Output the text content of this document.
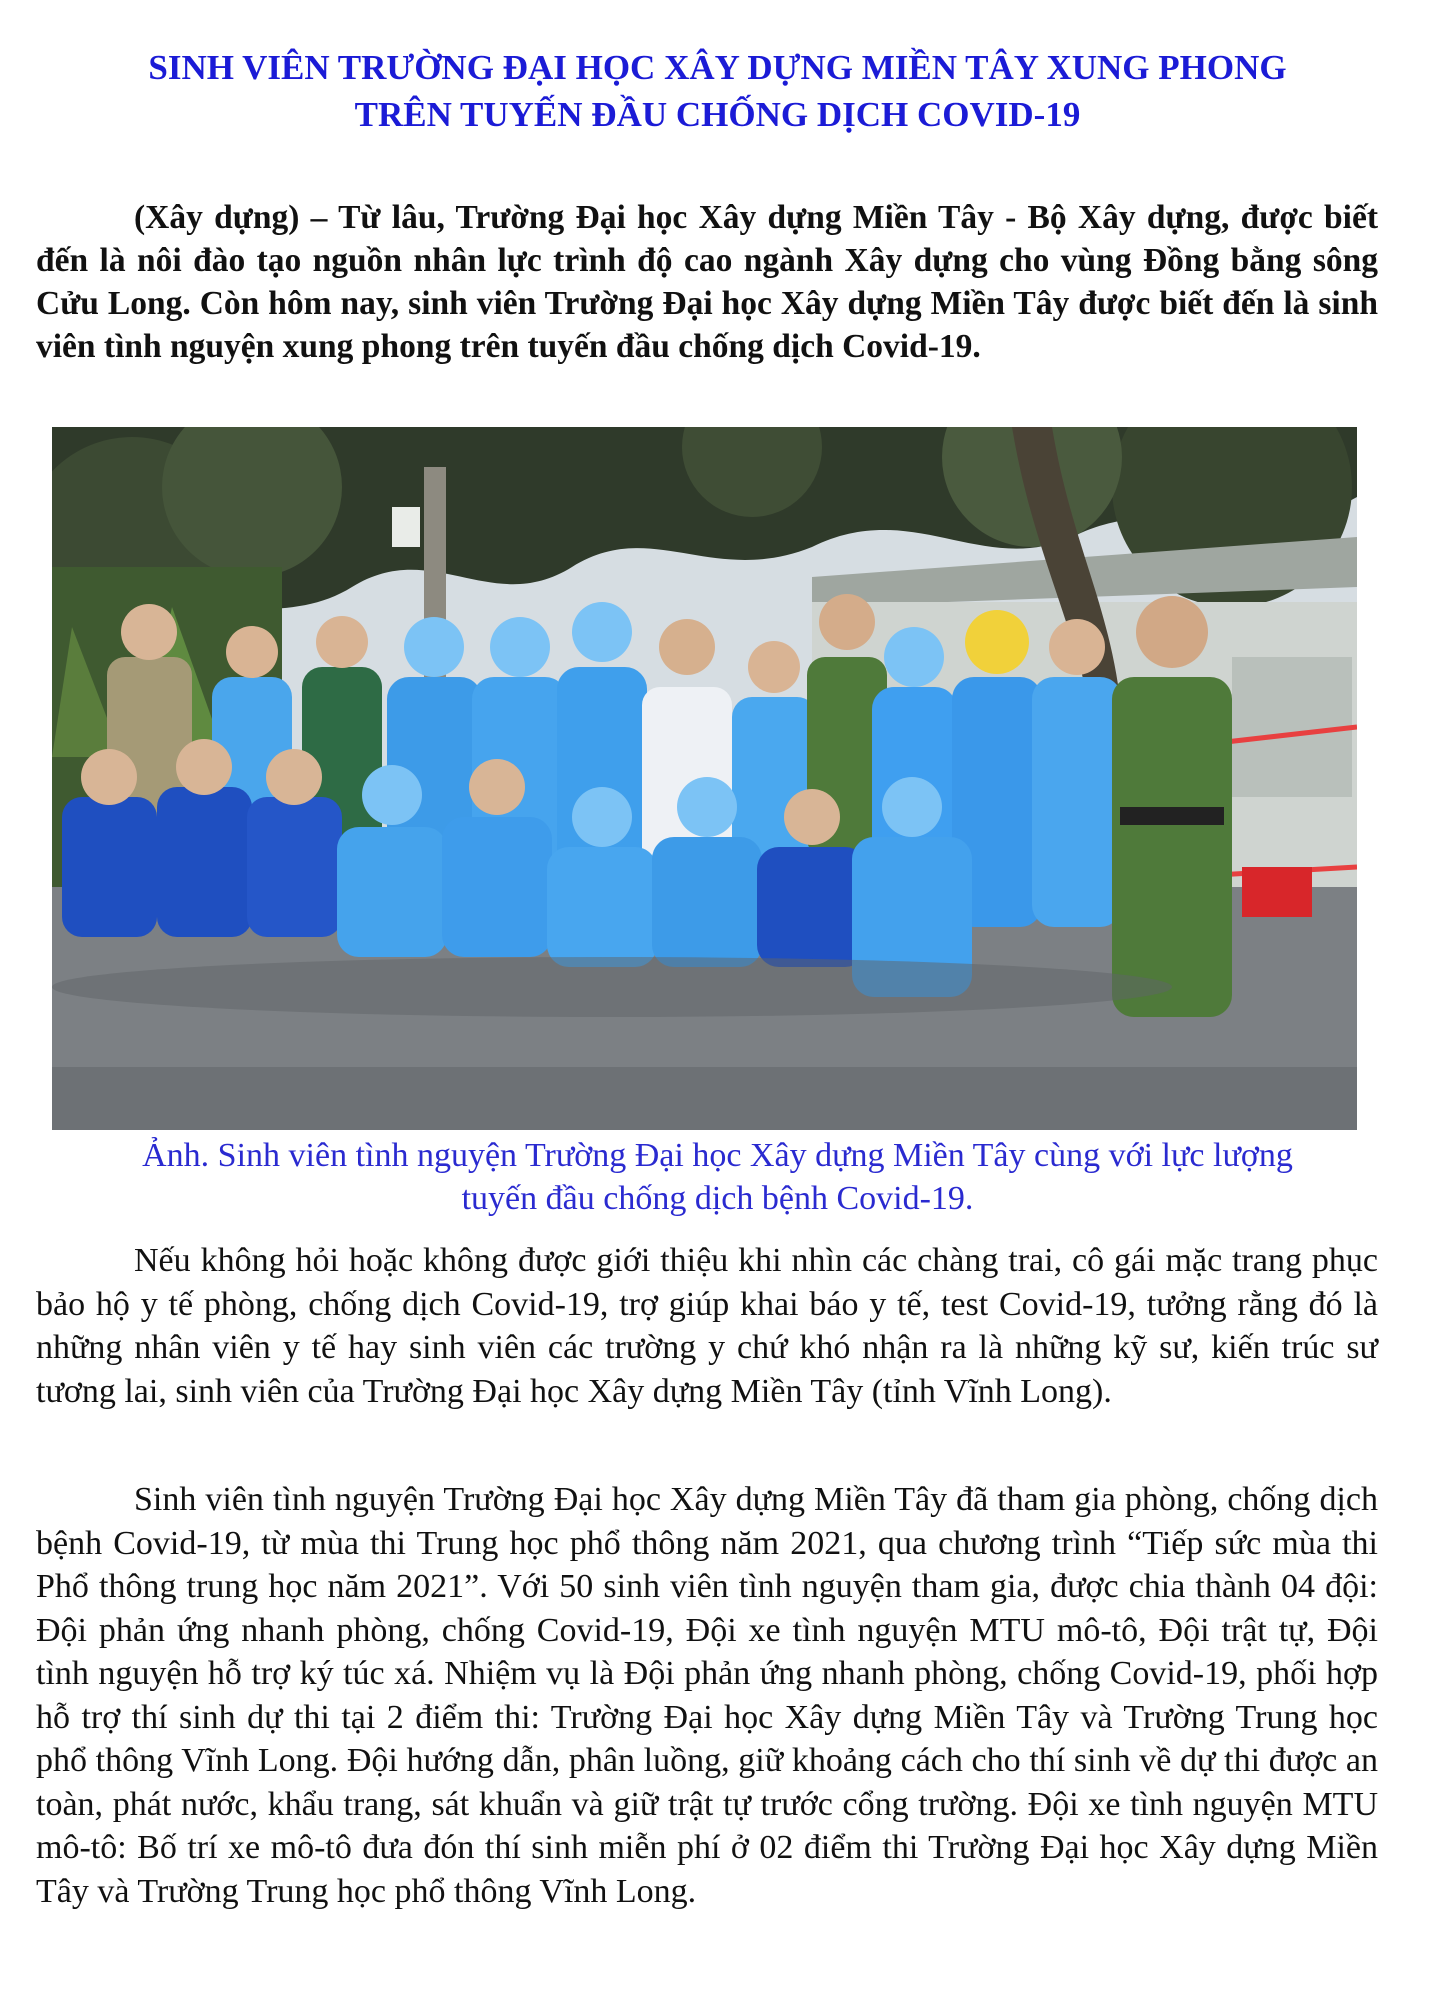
SINH VIÊN TRƯỜNG ĐẠI HỌC XÂY DỰNG MIỀN TÂY XUNG PHONG
TRÊN TUYẾN ĐẦU CHỐNG DỊCH COVID-19

(Xây dựng) – Từ lâu, Trường Đại học Xây dựng Miền Tây - Bộ Xây dựng, được biết đến là nôi đào tạo nguồn nhân lực trình độ cao ngành Xây dựng cho vùng Đồng bằng sông Cửu Long. Còn hôm nay, sinh viên Trường Đại học Xây dựng Miền Tây được biết đến là sinh viên tình nguyện xung phong trên tuyến đầu chống dịch Covid-19.

Ảnh. Sinh viên tình nguyện Trường Đại học Xây dựng Miền Tây cùng với lực lượng
tuyến đầu chống dịch bệnh Covid-19.

Nếu không hỏi hoặc không được giới thiệu khi nhìn các chàng trai, cô gái mặc trang phục bảo hộ y tế phòng, chống dịch Covid-19, trợ giúp khai báo y tế, test Covid-19, tưởng rằng đó là những nhân viên y tế hay sinh viên các trường y chứ khó nhận ra là những kỹ sư, kiến trúc sư tương lai, sinh viên của Trường Đại học Xây dựng Miền Tây (tỉnh Vĩnh Long).

Sinh viên tình nguyện Trường Đại học Xây dựng Miền Tây đã tham gia phòng, chống dịch bệnh Covid-19, từ mùa thi Trung học phổ thông năm 2021, qua chương trình “Tiếp sức mùa thi Phổ thông trung học năm 2021”. Với 50 sinh viên tình nguyện tham gia, được chia thành 04 đội: Đội phản ứng nhanh phòng, chống Covid-19, Đội xe tình nguyện MTU mô-tô, Đội trật tự, Đội tình nguyện hỗ trợ ký túc xá. Nhiệm vụ là Đội phản ứng nhanh phòng, chống Covid-19, phối hợp hỗ trợ thí sinh dự thi tại 2 điểm thi: Trường Đại học Xây dựng Miền Tây và Trường Trung học phổ thông Vĩnh Long. Đội hướng dẫn, phân luồng, giữ khoảng cách cho thí sinh về dự thi được an toàn, phát nước, khẩu trang, sát khuẩn và giữ trật tự trước cổng trường. Đội xe tình nguyện MTU mô-tô: Bố trí xe mô-tô đưa đón thí sinh miễn phí ở 02 điểm thi Trường Đại học Xây dựng Miền Tây và Trường Trung học phổ thông Vĩnh Long.
